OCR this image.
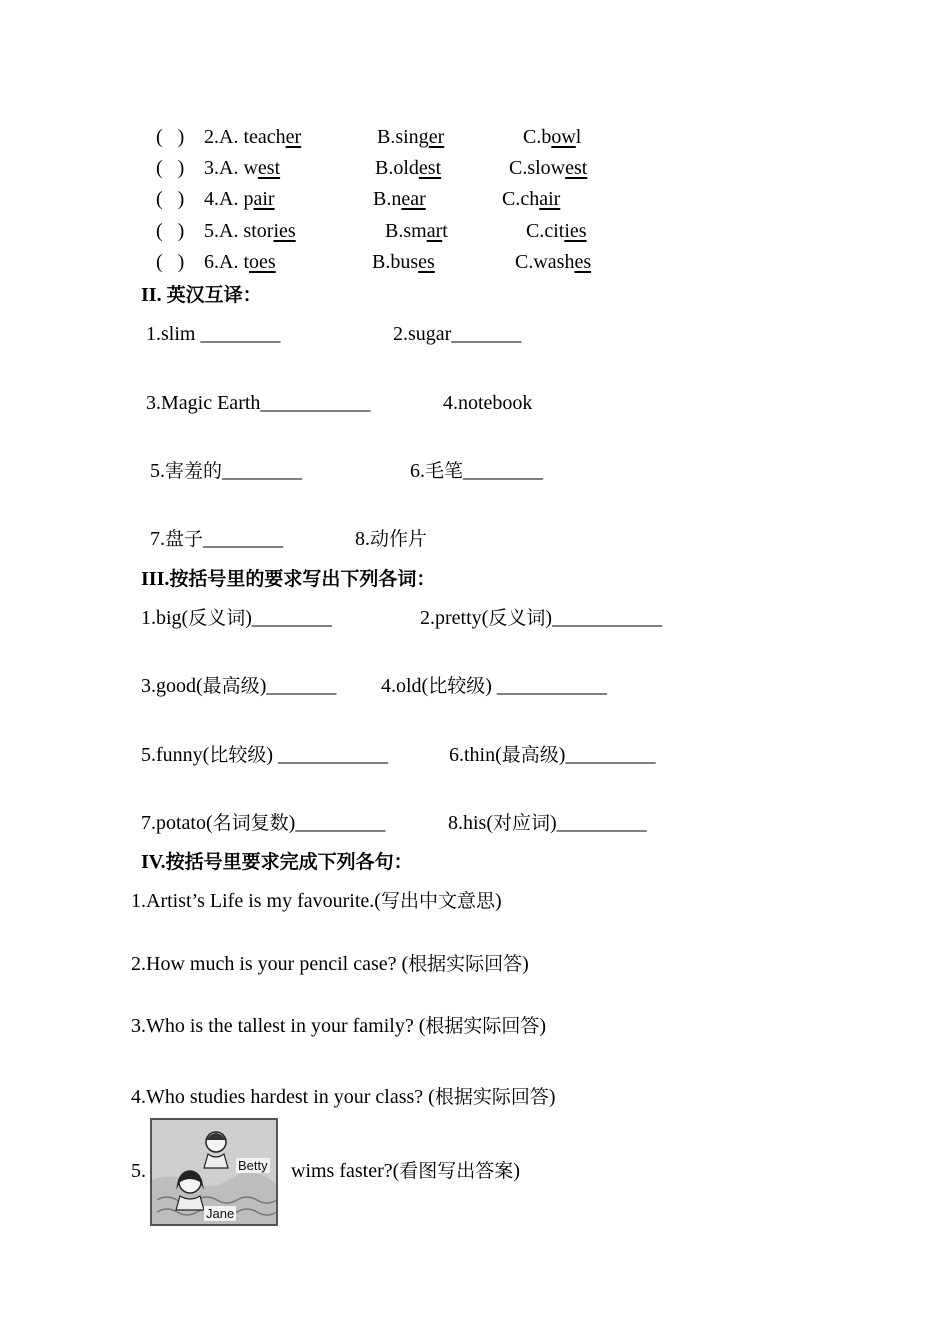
(   ) 2.A. teacher	B.singer	C.bowl
(   ) 3.A. west	B.oldest	C.slowest
(   ) 4.A. pair	B.near	C.chair
(   ) 5.A. stories	B.smart	C.cities
(   ) 6.A. toes	B.buses	C.washes
II. 英汉互译：
1.slim ________	2.sugar_______
3.Magic Earth___________	4.notebook
5.害羞的________	6.毛笔________
7.盘子________	8.动作片
III.按括号里的要求写出下列各词：
1.big(反义词)________	2.pretty(反义词)___________
3.good(最高级)_______ 4.old(比较级) ___________
5.funny(比较级) ___________	6.thin(最高级)_________
7.potato(名词复数)_________	8.his(对应词)_________
IV.按括号里要求完成下列各句：
1.Artist’s Life is my favourite.(写出中文意思)
2.How much is your pencil case? (根据实际回答)
3.Who is the tallest in your family? (根据实际回答)
4.Who studies hardest in your class? (根据实际回答)
5.	wims faster?(看图写出答案)
Betty
Jane
